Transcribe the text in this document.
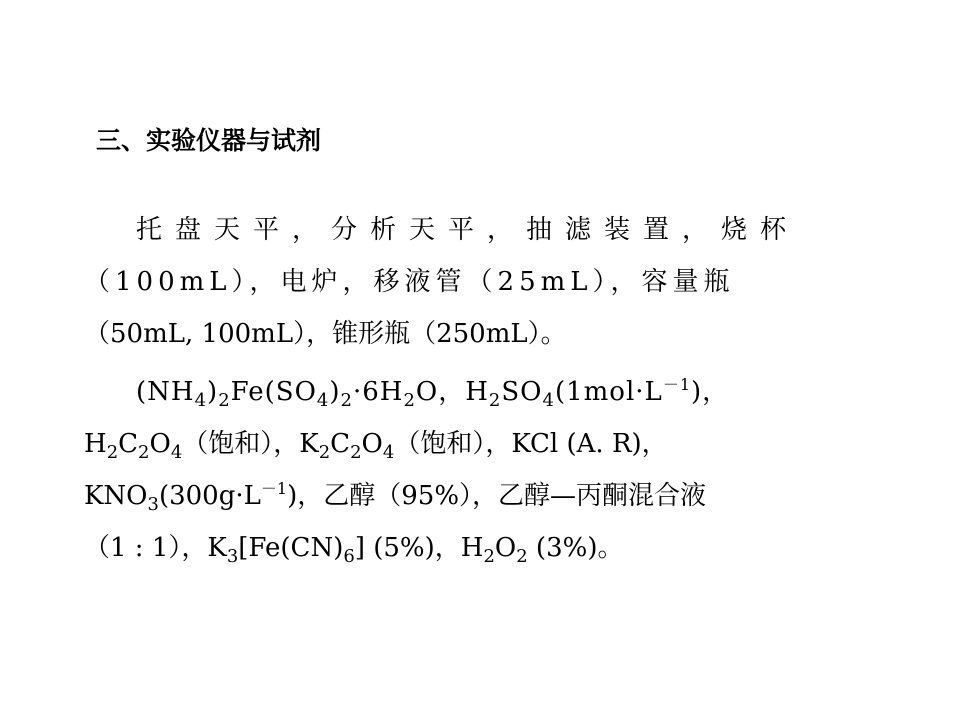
三、实验仪器与试剂
托盘天平，分析天平，抽滤装置，烧杯
（100mL），电炉，移液管（25mL），容量瓶
（50mL, 100mL），锥形瓶（250mL）。
$(NH_4)_2Fe(SO_4)_2\cdot 6H_2O$，$H_2SO_4(1mol\cdot L^{-1})$，
$H_2C_2O_4$（饱和），$K_2C_2O_4$（饱和），KCl (A. R)，
$KNO_3(300g\cdot L^{-1})$，乙醇（95%），乙醇—丙酮混合液
（1 : 1），$K_3[Fe(CN)_6]$ (5%)，$H_2O_2$ (3%)。
